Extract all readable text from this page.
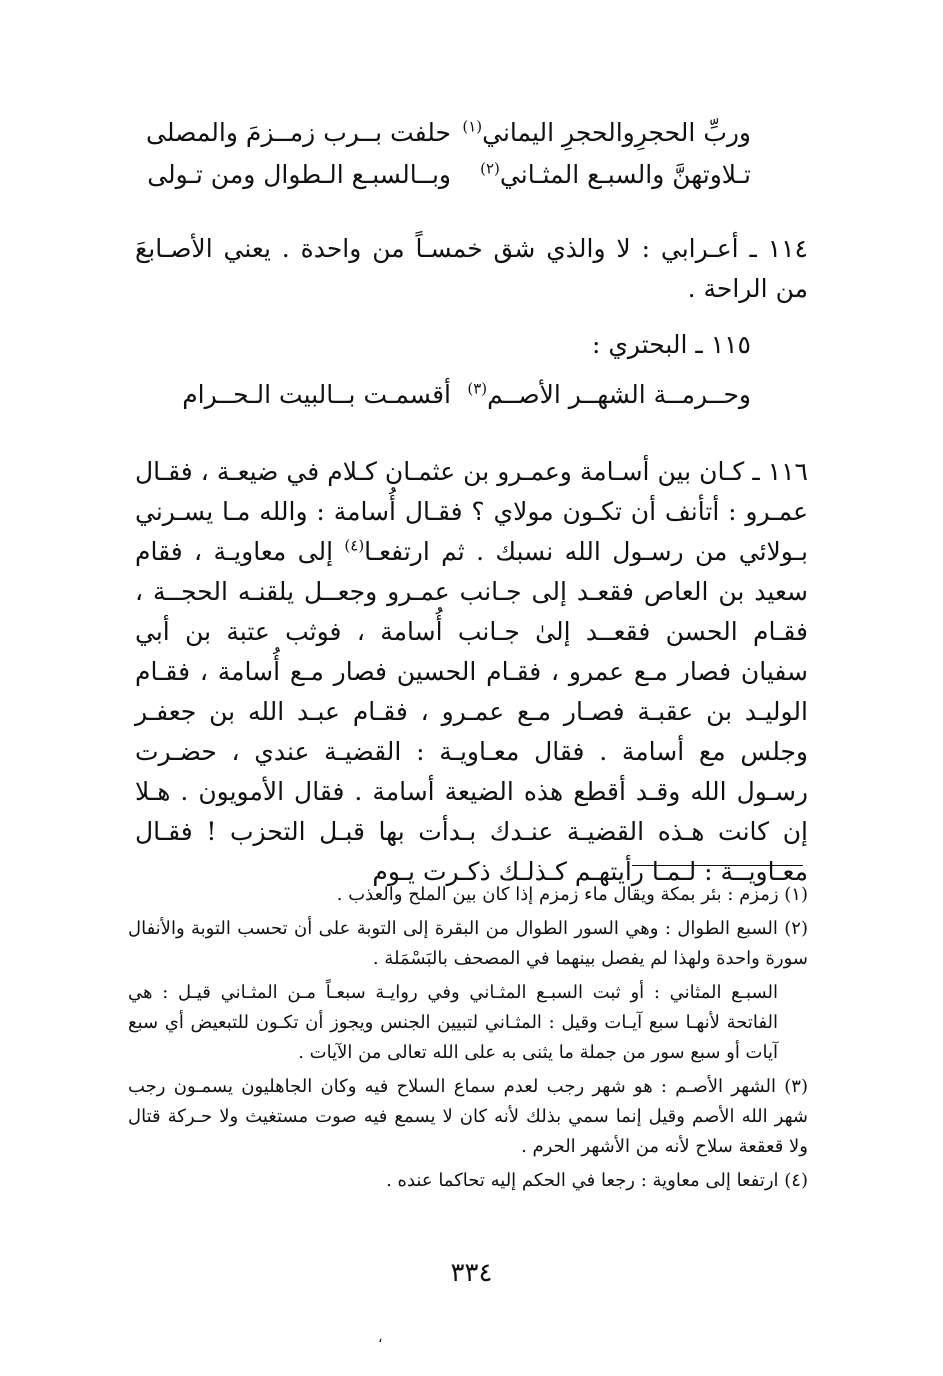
حلفت بــرب زمــزمَ والمصلى	وربِّ الحجرِوالحجرِ اليماني$^{(١)}$
وبــالسبـع الـطوال ومن تـولى	تـلاوتهنَّ والسبـع المثـاني$^{(٢)}$

١١٤ ـ أعـرابي : لا والذي شق خمسـاً من واحدة . يعني الأصـابعَ من الراحة .

١١٥ ـ البحتري :
أقسمـت بــالبيت الـحــرام	وحــرمــة الشهــر الأصــم$^{(٣)}$

١١٦ ـ كـان بين أسـامة وعمـرو بن عثمـان كـلام في ضيعـة ، فقـال عمـرو : أتأنف أن تكـون مولاي ؟ فقـال أُسامة : والله مـا يسـرني بـولائي من رسـول الله نسبك . ثم ارتفعـا$^{(٤)}$ إلى معاويـة ، فقام سعيد بن العاص فقعـد إلى جـانب عمـرو وجعــل يلقنـه الحجــة ، فقـام الحسن فقعــد إلىٰ جـانب أُسامة ، فوثب عتبة بن أبي سفيان فصار مـع عمرو ، فقـام الحسين فصار مـع أُسامة ، فقـام الوليـد بن عقبـة فصـار مـع عمـرو ، فقـام عبـد الله بن جعفـر وجلس مع أسامة . فقال معـاويـة : القضيـة عندي ، حضـرت رسـول الله وقـد أقطع هذه الضيعة أسامة . فقال الأمويون . هـلا إن كانت هـذه القضيـة عنـدك بـدأت بها قبـل التحزب ! فقـال معـاويــة : لـمـا رأيتهـم كـذلـك ذكـرت يـوم

(١) زمزم : بئر بمكة ويقال ماء زمزم إذا كان بين الملح والعذب .

(٢) السبع الطوال : وهي السور الطوال من البقرة إلى التوبة على أن تحسب التوبة والأنفال سورة واحدة ولهذا لم يفصل بينهما في المصحف بالبَسْمَلة .

السبـع المثاني : أو ثبت السبـع المثـاني وفي روايـة سبعـاً مـن المثـاني قيـل : هي الفاتحة لأنهـا سبع آيـات وقيل : المثـاني لتبيين الجنس ويجوز أن تكـون للتبعيض أي سبع آيات أو سبع سور من جملة ما يثنى به على الله تعالى من الآيات .

(٣) الشهر الأصـم : هو شهر رجب لعدم سماع السلاح فيه وكان الجاهليون يسمـون رجب شهر الله الأصم وقيل إنما سمي بذلك لأنه كان لا يسمع فيه صوت مستغيث ولا حـركة قتال ولا قعقعة سلاح لأنه من الأشهر الحرم .

(٤) ارتفعا إلى معاوية : رجعا في الحكم إليه تحاكما عنده .

٣٣٤
،
